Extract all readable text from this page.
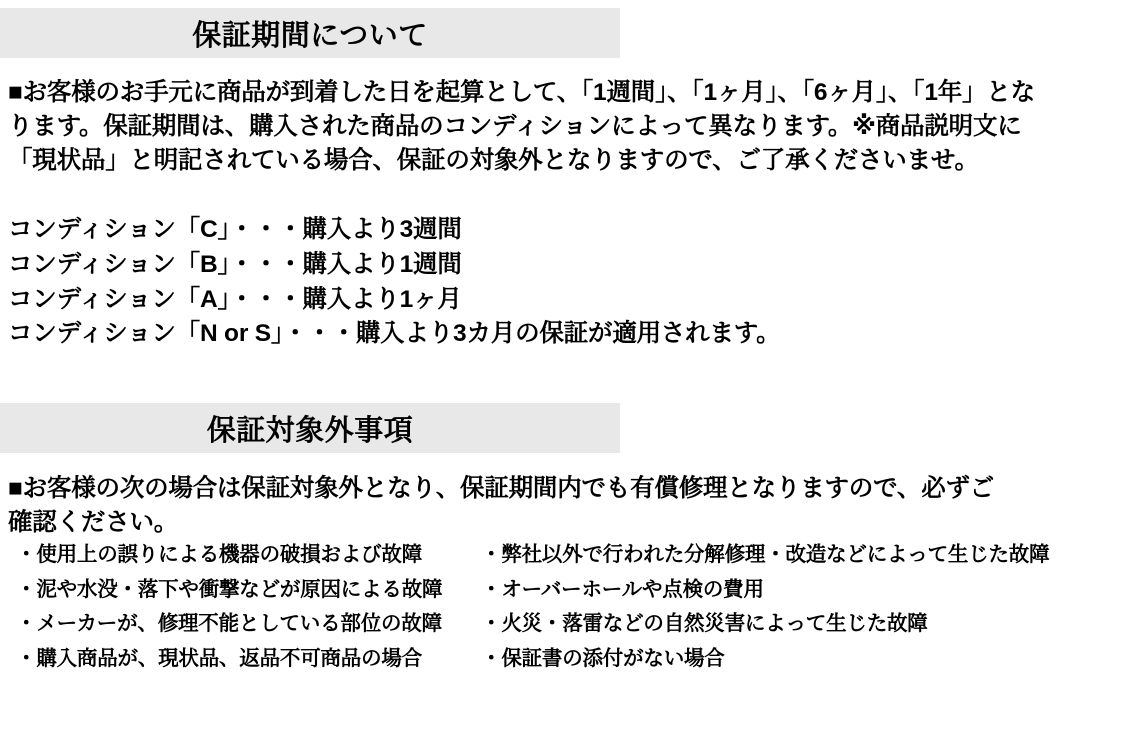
保証期間について
■お客様のお手元に商品が到着した日を起算として、「1週間」、「1ヶ月」、「6ヶ月」、「1年」とな
ります。保証期間は、購入された商品のコンディションによって異なります。※商品説明文に
「現状品」と明記されている場合、保証の対象外となりますので、ご了承くださいませ。
コンディション「C」・・・購入より3週間
コンディション「B」・・・購入より1週間
コンディション「A」・・・購入より1ヶ月
コンディション「N or S」・・・購入より3カ月の保証が適用されます。
保証対象外事項
■お客様の次の場合は保証対象外となり、保証期間内でも有償修理となりますので、必ずご
確認ください。
・ 使用上の誤りによる機器の破損および故障
・ 泥や水没・落下や衝撃などが原因による故障
・ メーカーが、修理不能としている部位の故障
・ 購入商品が、現状品、返品不可商品の場合
・ 弊社以外で行われた分解修理・改造などによって生じた故障
・ オーバーホールや点検の費用
・ 火災・落雷などの自然災害によって生じた故障
・ 保証書の添付がない場合
